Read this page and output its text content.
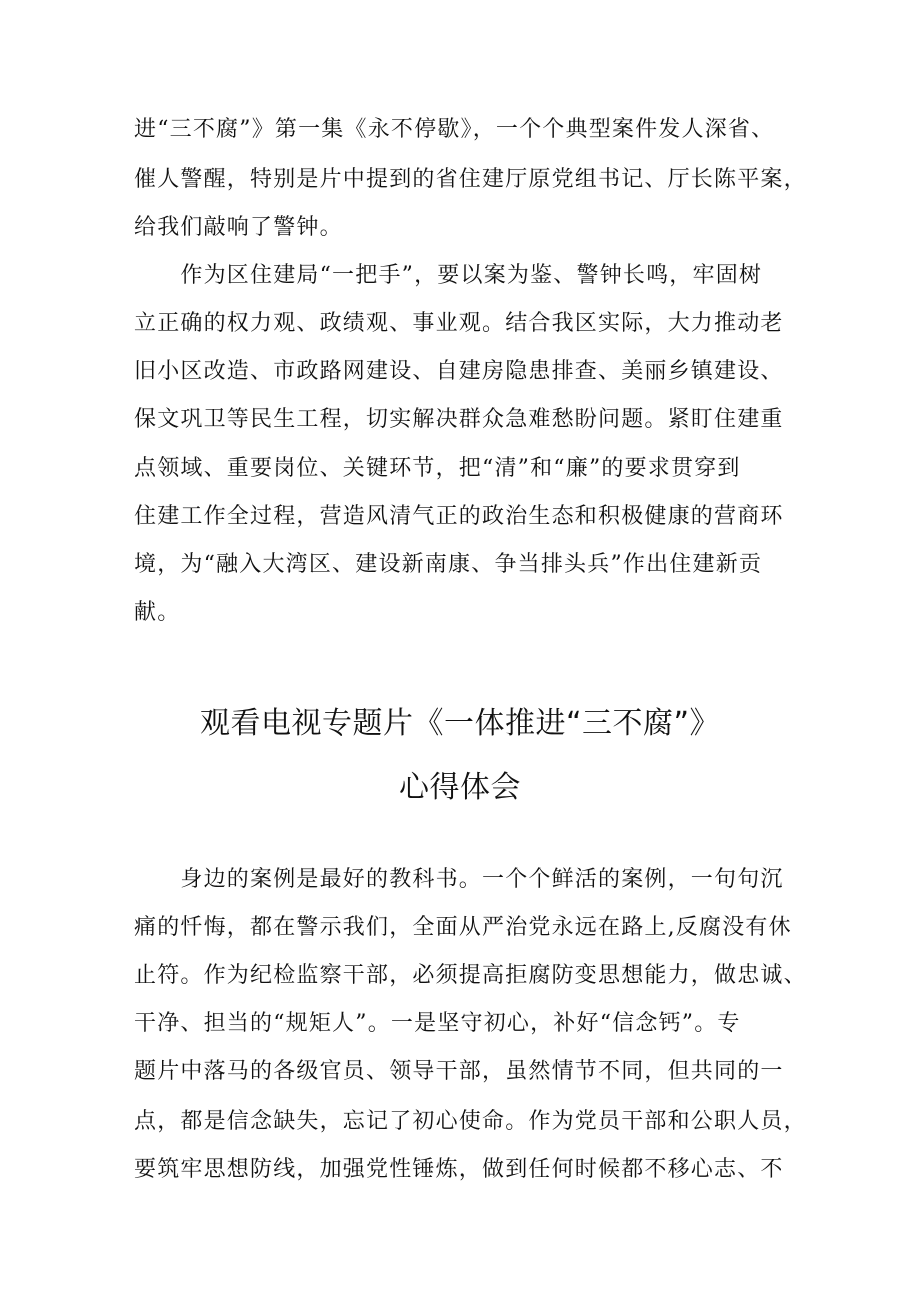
进“三不腐”》第一集《永不停歇》，一个个典型案件发人深省、
催人警醒，特别是片中提到的省住建厅原党组书记、厅长陈平案，
给我们敲响了警钟。
　　作为区住建局“一把手”，要以案为鉴、警钟长鸣，牢固树
立正确的权力观、政绩观、事业观。结合我区实际，大力推动老
旧小区改造、市政路网建设、自建房隐患排查、美丽乡镇建设、
保文巩卫等民生工程，切实解决群众急难愁盼问题。紧盯住建重
点领域、重要岗位、关键环节，把“清”和“廉”的要求贯穿到
住建工作全过程，营造风清气正的政治生态和积极健康的营商环
境，为“融入大湾区、建设新南康、争当排头兵”作出住建新贡
献。
观看电视专题片《一体推进“三不腐”》
心得体会
　　身边的案例是最好的教科书。一个个鲜活的案例，一句句沉
痛的忏悔，都在警示我们，全面从严治党永远在路上,反腐没有休
止符。作为纪检监察干部，必须提高拒腐防变思想能力，做忠诚、
干净、担当的“规矩人”。一是坚守初心，补好“信念钙”。专
题片中落马的各级官员、领导干部，虽然情节不同，但共同的一
点，都是信念缺失，忘记了初心使命。作为党员干部和公职人员，
要筑牢思想防线，加强党性锤炼，做到任何时候都不移心志、不
